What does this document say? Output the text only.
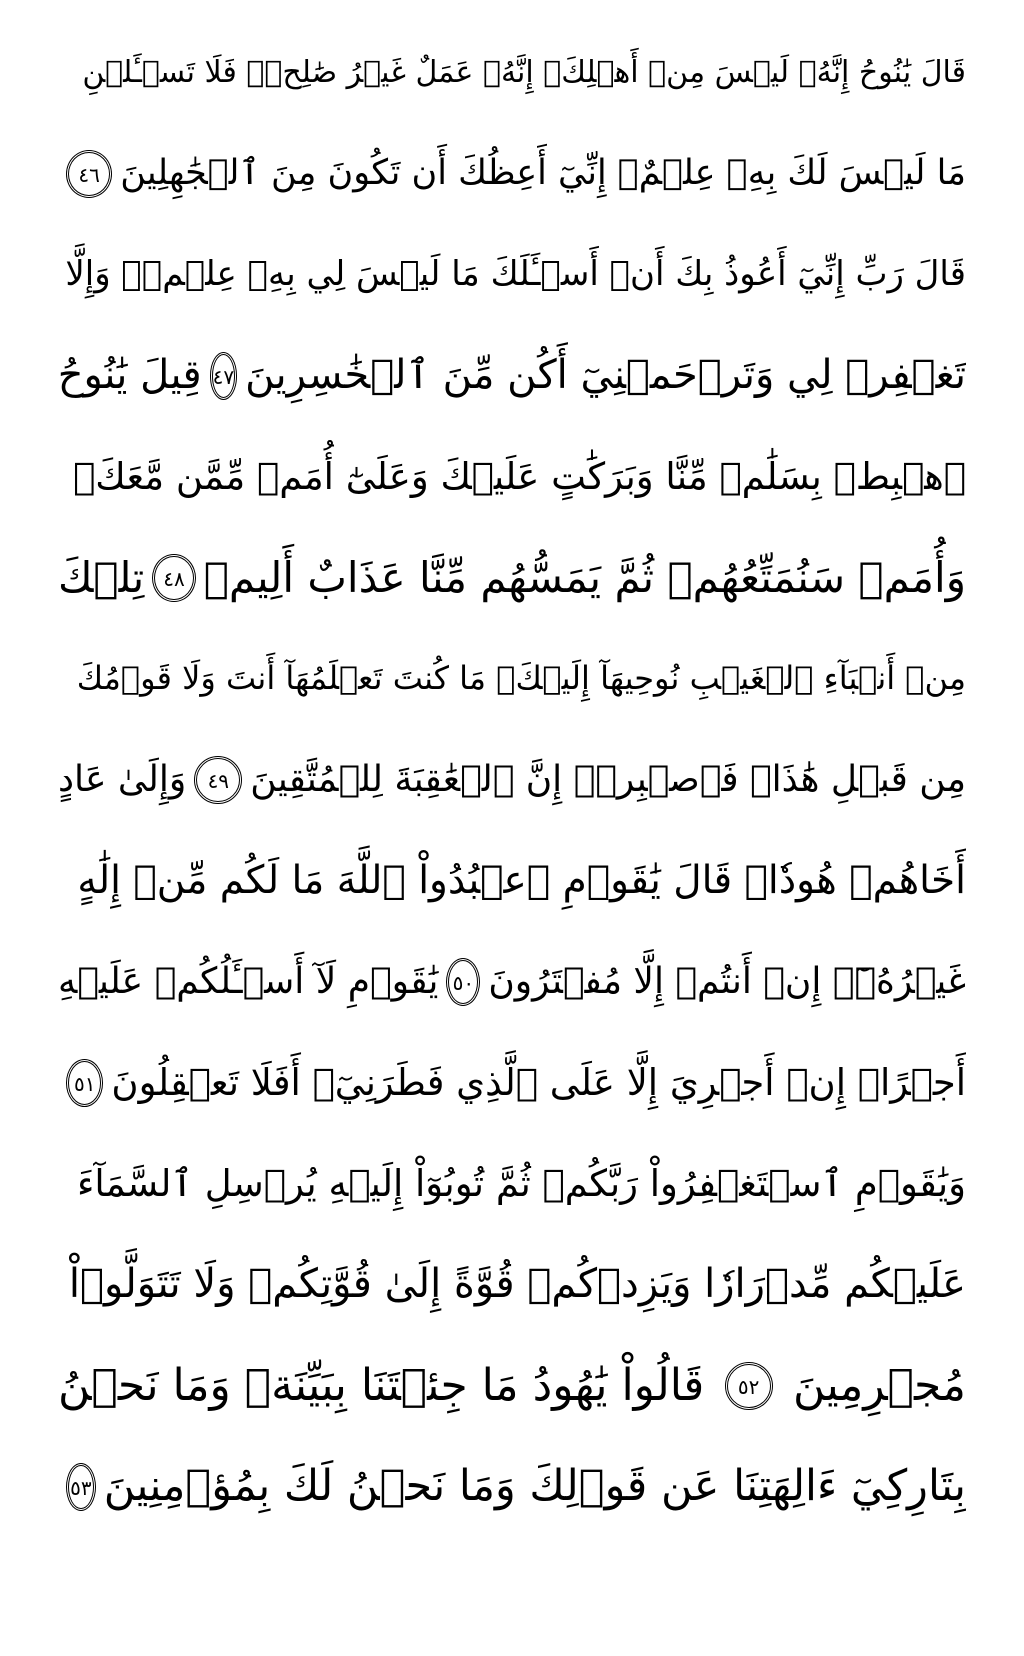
قَالَ يَٰنُوحُ إِنَّهُۥ لَيۡسَ مِنۡ أَهۡلِكَۖ إِنَّهُۥ عَمَلٌ غَيۡرُ صَٰلِحٖۖ فَلَا تَسۡـَٔلۡنِ
مَا لَيۡسَ لَكَ بِهِۦ عِلۡمٌۖ إِنِّيٓ أَعِظُكَ أَن تَكُونَ مِنَ ٱلۡجَٰهِلِينَ
٤٦
قَالَ رَبِّ إِنِّيٓ أَعُوذُ بِكَ أَنۡ أَسۡـَٔلَكَ مَا لَيۡسَ لِي بِهِۦ عِلۡمٞۖ وَإِلَّا
تَغۡفِرۡ لِي وَتَرۡحَمۡنِيٓ أَكُن مِّنَ ٱلۡخَٰسِرِينَ
٤٧
قِيلَ يَٰنُوحُ
ٱهۡبِطۡ بِسَلَٰمٖ مِّنَّا وَبَرَكَٰتٍ عَلَيۡكَ وَعَلَىٰٓ أُمَمٖ مِّمَّن مَّعَكَۚ
وَأُمَمٞ سَنُمَتِّعُهُمۡ ثُمَّ يَمَسُّهُم مِّنَّا عَذَابٌ أَلِيمٞ
٤٨
تِلۡكَ
مِنۡ أَنۢبَآءِ ٱلۡغَيۡبِ نُوحِيهَآ إِلَيۡكَۖ مَا كُنتَ تَعۡلَمُهَآ أَنتَ وَلَا قَوۡمُكَ
مِن قَبۡلِ هَٰذَاۖ فَٱصۡبِرۡۖ إِنَّ ٱلۡعَٰقِبَةَ لِلۡمُتَّقِينَ
٤٩
وَإِلَىٰ عَادٍ
أَخَاهُمۡ هُودٗاۚ قَالَ يَٰقَوۡمِ ٱعۡبُدُواْ ٱللَّهَ مَا لَكُم مِّنۡ إِلَٰهٍ
غَيۡرُهُۥٓۖ إِنۡ أَنتُمۡ إِلَّا مُفۡتَرُونَ
٥٠
يَٰقَوۡمِ لَآ أَسۡـَٔلُكُمۡ عَلَيۡهِ
أَجۡرًاۖ إِنۡ أَجۡرِيَ إِلَّا عَلَى ٱلَّذِي فَطَرَنِيٓۚ أَفَلَا تَعۡقِلُونَ
٥١
وَيَٰقَوۡمِ ٱسۡتَغۡفِرُواْ رَبَّكُمۡ ثُمَّ تُوبُوٓاْ إِلَيۡهِ يُرۡسِلِ ٱلسَّمَآءَ
عَلَيۡكُم مِّدۡرَارٗا وَيَزِدۡكُمۡ قُوَّةً إِلَىٰ قُوَّتِكُمۡ وَلَا تَتَوَلَّوۡاْ
مُجۡرِمِينَ
٥٢
قَالُواْ يَٰهُودُ مَا جِئۡتَنَا بِبَيِّنَةٖ وَمَا نَحۡنُ
بِتَارِكِيٓ ءَالِهَتِنَا عَن قَوۡلِكَ وَمَا نَحۡنُ لَكَ بِمُؤۡمِنِينَ
٥٣
